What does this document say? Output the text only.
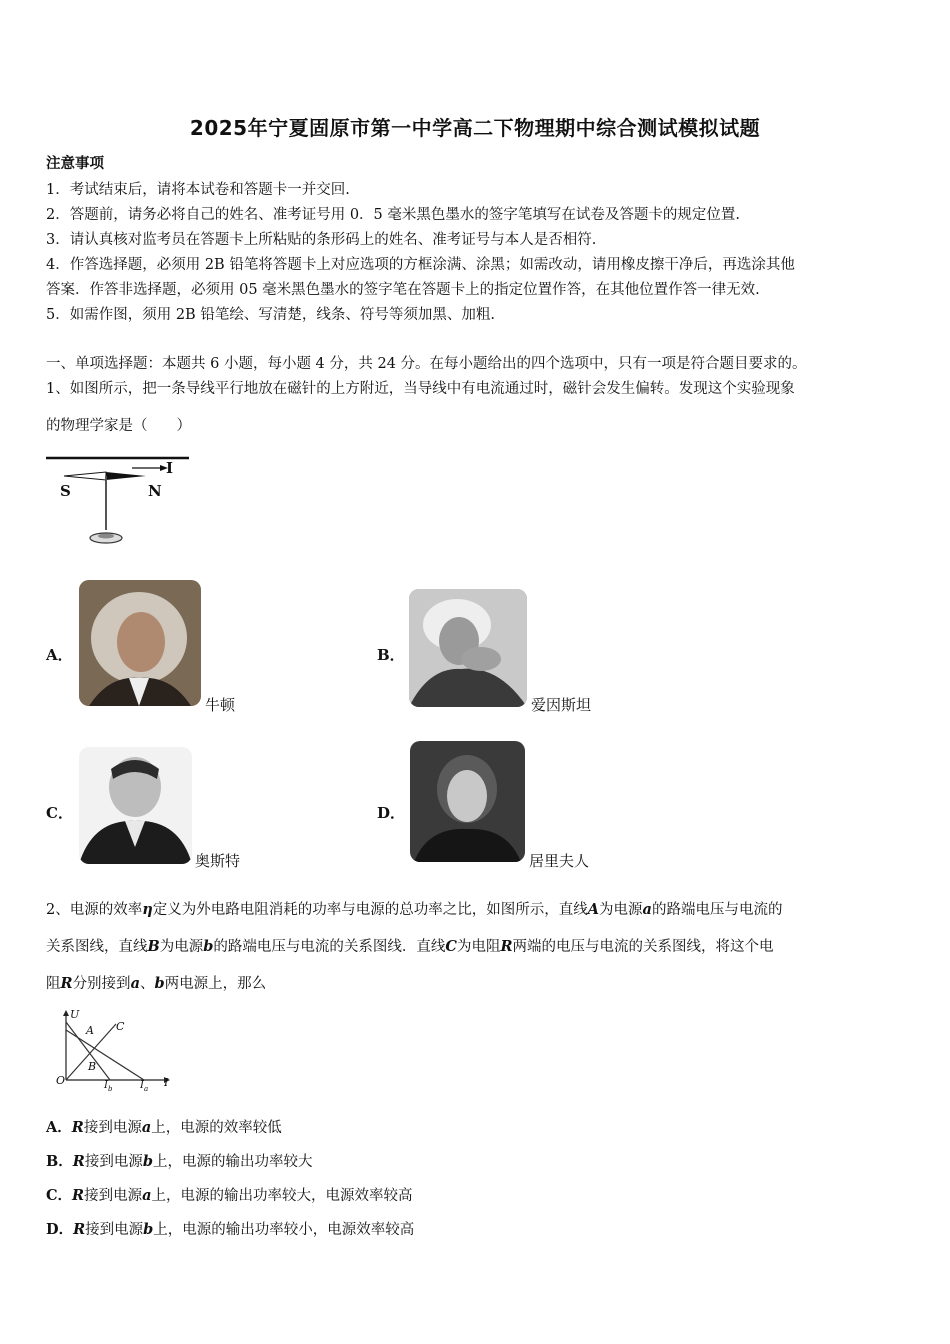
2025年宁夏固原市第一中学高二下物理期中综合测试模拟试题
注意事项
1．考试结束后，请将本试卷和答题卡一并交回.
2．答题前，请务必将自己的姓名、准考证号用 0．5 毫米黑色墨水的签字笔填写在试卷及答题卡的规定位置.
3．请认真核对监考员在答题卡上所粘贴的条形码上的姓名、准考证号与本人是否相符.
4．作答选择题，必须用 2B 铅笔将答题卡上对应选项的方框涂满、涂黑；如需改动，请用橡皮擦干净后，再选涂其他
答案．作答非选择题，必须用 05 毫米黑色墨水的签字笔在答题卡上的指定位置作答，在其他位置作答一律无效.
5．如需作图，须用 2B 铅笔绘、写清楚，线条、符号等须加黑、加粗.
一、单项选择题：本题共 6 小题，每小题 4 分，共 24 分。在每小题给出的四个选项中，只有一项是符合题目要求的。
1、如图所示，把一条导线平行地放在磁针的上方附近，当导线中有电流通过时，磁针会发生偏转。发现这个实验现象
的物理学家是（　　）
I
S	N
A．
牛顿
B．
爱因斯坦
C．
奥斯特
D．
居里夫人
2、电源的效率η定义为外电路电阻消耗的功率与电源的总功率之比，如图所示，直线A为电源a的路端电压与电流的
关系图线，直线B为电源b的路端电压与电流的关系图线．直线C为电阻R两端的电压与电流的关系图线，将这个电
阻R分别接到a、b两电源上，那么
U
A C
B
O	$I_b$	$I_a$ I
A．R接到电源a上，电源的效率较低
B．R接到电源b上，电源的输出功率较大
C．R接到电源a上，电源的输出功率较大，电源效率较高
D．R接到电源b上，电源的输出功率较小，电源效率较高
